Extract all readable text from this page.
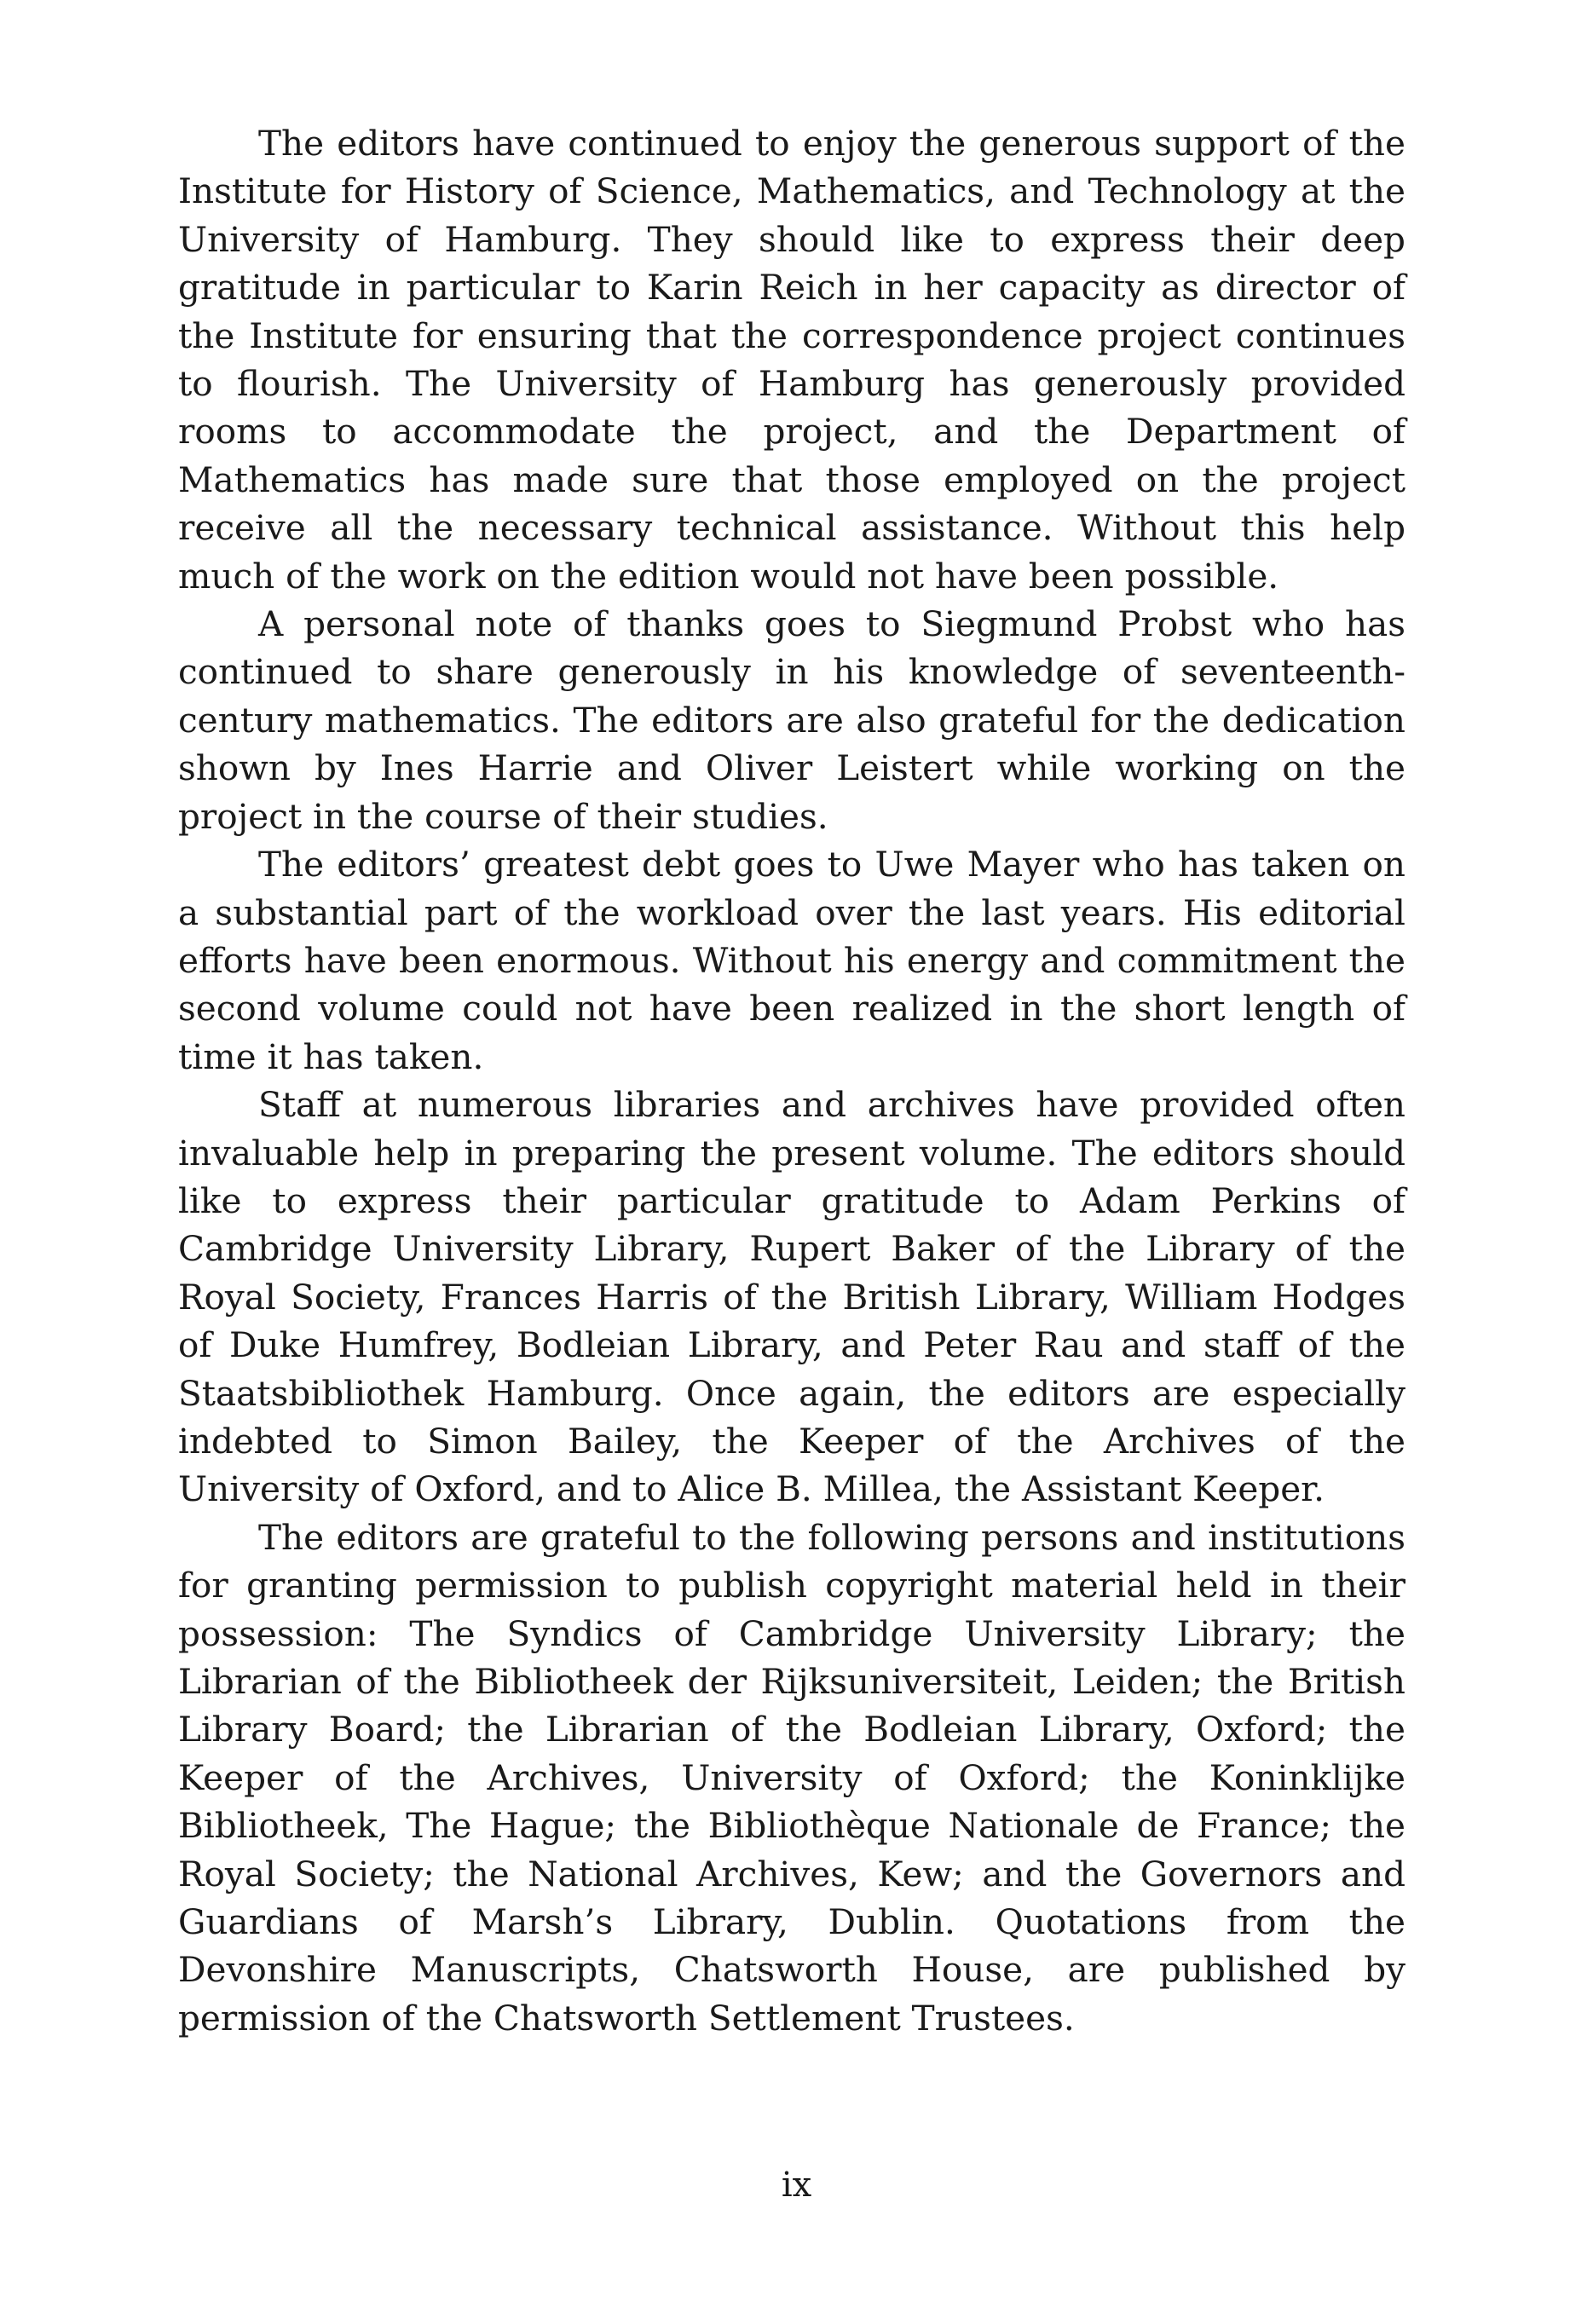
The editors have continued to enjoy the generous support of the Institute for History of Science, Mathematics, and Technology at the University of Hamburg. They should like to express their deep gratitude in particular to Karin Reich in her capacity as director of the Institute for ensuring that the correspondence project continues to flourish. The University of Hamburg has generously provided rooms to accommodate the project, and the Department of Mathematics has made sure that those employed on the project receive all the necessary technical assistance. Without this help much of the work on the edition would not have been possible.

A personal note of thanks goes to Siegmund Probst who has continued to share generously in his knowledge of seventeenth-century mathematics. The editors are also grateful for the dedication shown by Ines Harrie and Oliver Leistert while working on the project in the course of their studies.

The editors’ greatest debt goes to Uwe Mayer who has taken on a substantial part of the workload over the last years. His editorial efforts have been enormous. Without his energy and commitment the second volume could not have been realized in the short length of time it has taken.

Staff at numerous libraries and archives have provided often invaluable help in preparing the present volume. The editors should like to express their particular gratitude to Adam Perkins of Cambridge University Library, Rupert Baker of the Library of the Royal Society, Frances Harris of the British Library, William Hodges of Duke Humfrey, Bodleian Library, and Peter Rau and staff of the Staatsbibliothek Hamburg. Once again, the editors are especially indebted to Simon Bailey, the Keeper of the Archives of the University of Oxford, and to Alice B. Millea, the Assistant Keeper.

The editors are grateful to the following persons and institutions for granting permission to publish copyright material held in their possession: The Syndics of Cambridge University Library; the Librarian of the Bibliotheek der Rijksuniversiteit, Leiden; the British Library Board; the Librarian of the Bodleian Library, Oxford; the Keeper of the Archives, University of Oxford; the Koninklijke Bibliotheek, The Hague; the Bibliothèque Nationale de France; the Royal Society; the National Archives, Kew; and the Governors and Guardians of Marsh’s Library, Dublin. Quotations from the Devonshire Manuscripts, Chatsworth House, are published by permission of the Chatsworth Settlement Trustees.

ix
